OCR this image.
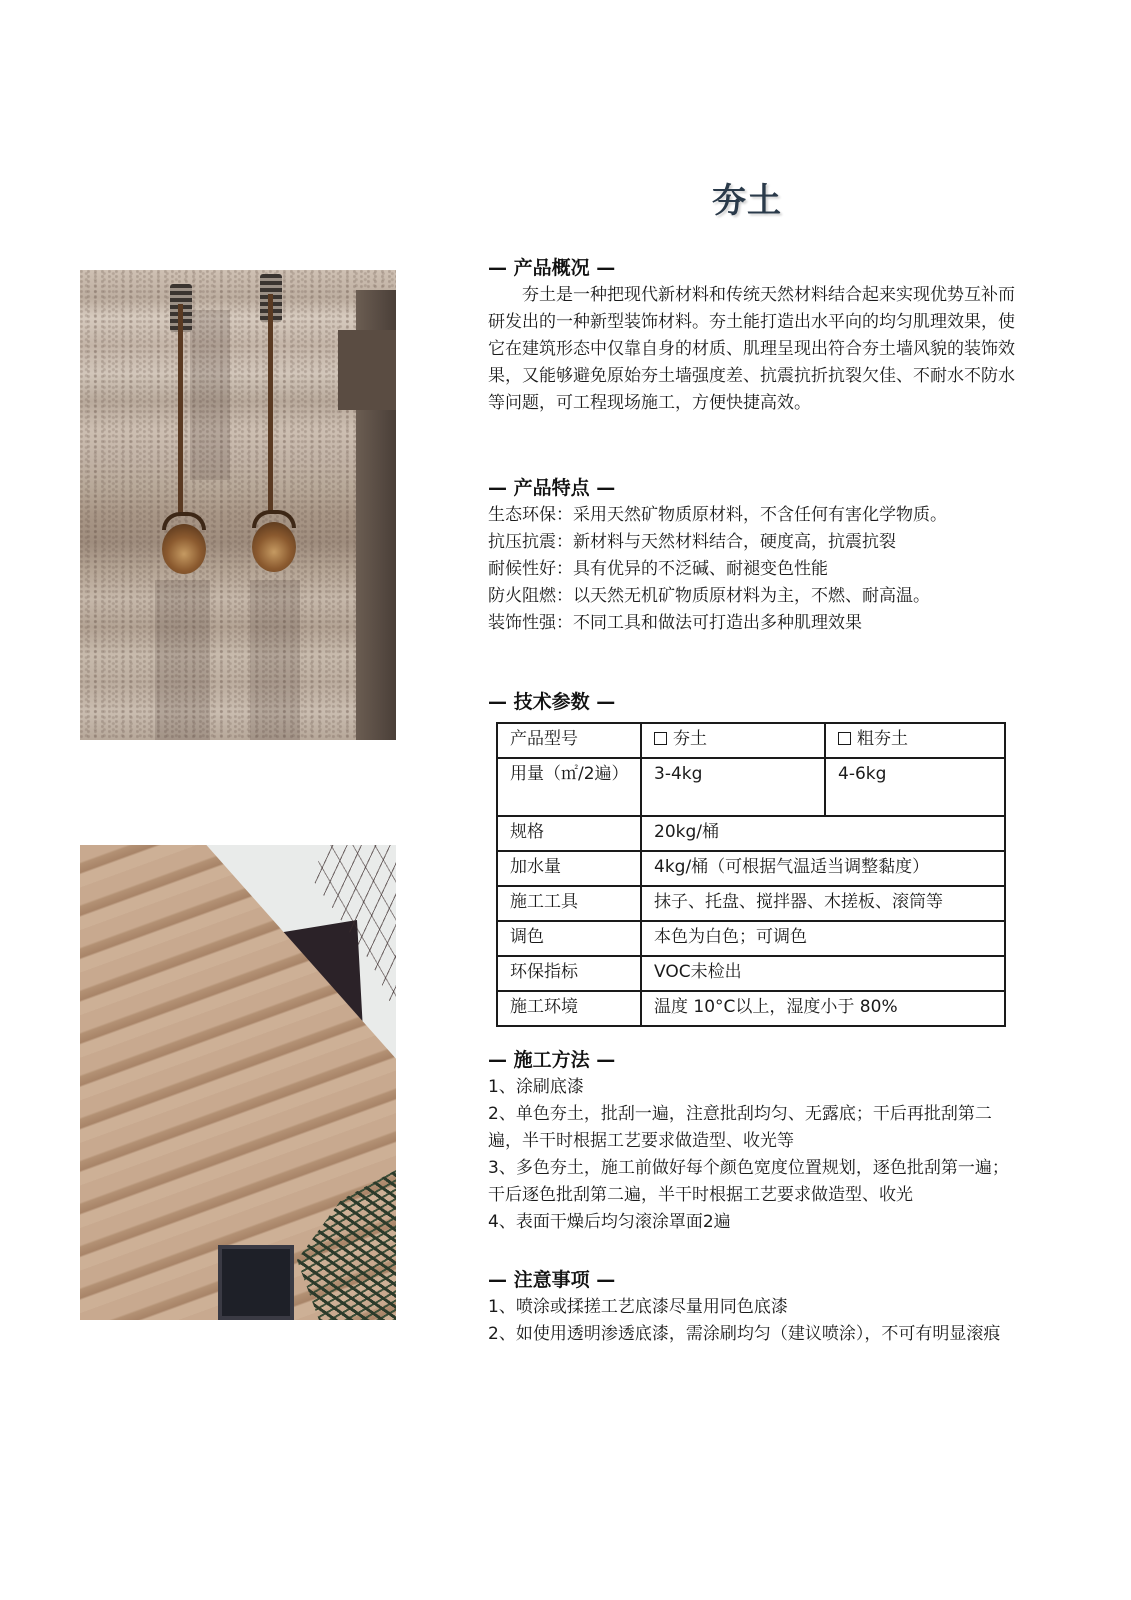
夯土
— 产品概况 —

夯土是一种把现代新材料和传统天然材料结合起来实现优势互补而研发出的一种新型装饰材料。夯土能打造出水平向的均匀肌理效果，使它在建筑形态中仅靠自身的材质、肌理呈现出符合夯土墙风貌的装饰效果，又能够避免原始夯土墙强度差、抗震抗折抗裂欠佳、不耐水不防水等问题，可工程现场施工，方便快捷高效。

— 产品特点 —

生态环保：采用天然矿物质原材料，不含任何有害化学物质。

抗压抗震：新材料与天然材料结合，硬度高，抗震抗裂

耐候性好：具有优异的不泛碱、耐褪变色性能

防火阻燃：以天然无机矿物质原材料为主，不燃、耐高温。

装饰性强：不同工具和做法可打造出多种肌理效果

— 技术参数 —
产品型号	夯土	粗夯土
用量（㎡/2遍）	3-4kg	4-6kg
规格	20kg/桶	
加水量	4kg/桶（可根据气温适当调整黏度）	
施工工具	抹子、托盘、搅拌器、木搓板、滚筒等	
调色	本色为白色；可调色	
环保指标	VOC未检出	
施工环境	温度 10°C以上，湿度小于 80%	
— 施工方法 —

1、涂刷底漆

2、单色夯土，批刮一遍，注意批刮均匀、无露底；干后再批刮第二遍，半干时根据工艺要求做造型、收光等

3、多色夯土，施工前做好每个颜色宽度位置规划，逐色批刮第一遍；干后逐色批刮第二遍，半干时根据工艺要求做造型、收光

4、表面干燥后均匀滚涂罩面2遍

— 注意事项 —

1、喷涂或揉搓工艺底漆尽量用同色底漆

2、如使用透明渗透底漆，需涂刷均匀（建议喷涂），不可有明显滚痕
